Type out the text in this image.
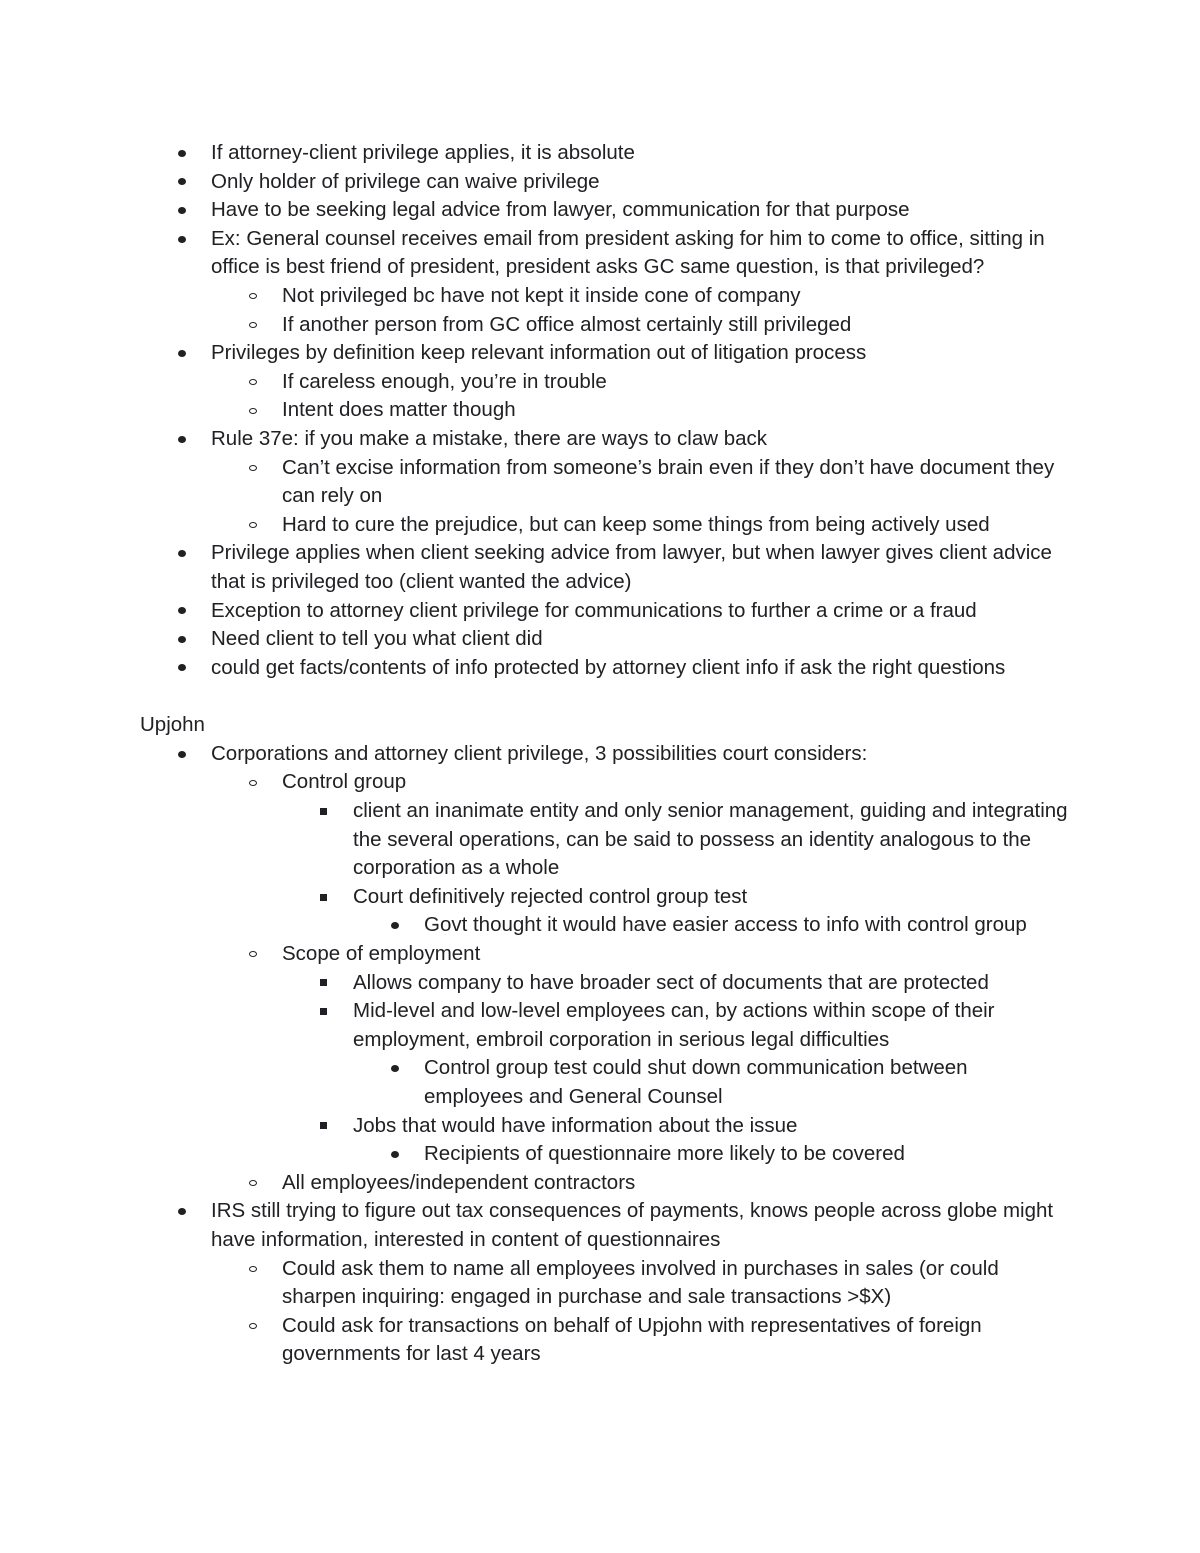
If attorney-client privilege applies, it is absolute
Only holder of privilege can waive privilege
Have to be seeking legal advice from lawyer, communication for that purpose
Ex: General counsel receives email from president asking for him to come to office, sitting in office is best friend of president, president asks GC same question, is that privileged?
Not privileged bc have not kept it inside cone of company
If another person from GC office almost certainly still privileged
Privileges by definition keep relevant information out of litigation process
If careless enough, you’re in trouble
Intent does matter though
Rule 37e: if you make a mistake, there are ways to claw back
Can’t excise information from someone’s brain even if they don’t have document they can rely on
Hard to cure the prejudice, but can keep some things from being actively used
Privilege applies when client seeking advice from lawyer, but when lawyer gives client advice that is privileged too (client wanted the advice)
Exception to attorney client privilege for communications to further a crime or a fraud
Need client to tell you what client did
could get facts/contents of info protected by attorney client info if ask the right questions
Upjohn
Corporations and attorney client privilege, 3 possibilities court considers:
Control group
client an inanimate entity and only senior management, guiding and integrating the several operations, can be said to possess an identity analogous to the corporation as a whole
Court definitively rejected control group test
Govt thought it would have easier access to info with control group
Scope of employment
Allows company to have broader sect of documents that are protected
Mid-level and low-level employees can, by actions within scope of their employment, embroil corporation in serious legal difficulties
Control group test could shut down communication between employees and General Counsel
Jobs that would have information about the issue
Recipients of questionnaire more likely to be covered
All employees/independent contractors
IRS still trying to figure out tax consequences of payments, knows people across globe might have information, interested in content of questionnaires
Could ask them to name all employees involved in purchases in sales (or could sharpen inquiring: engaged in purchase and sale transactions >$X)
Could ask for transactions on behalf of Upjohn with representatives of foreign governments for last 4 years
